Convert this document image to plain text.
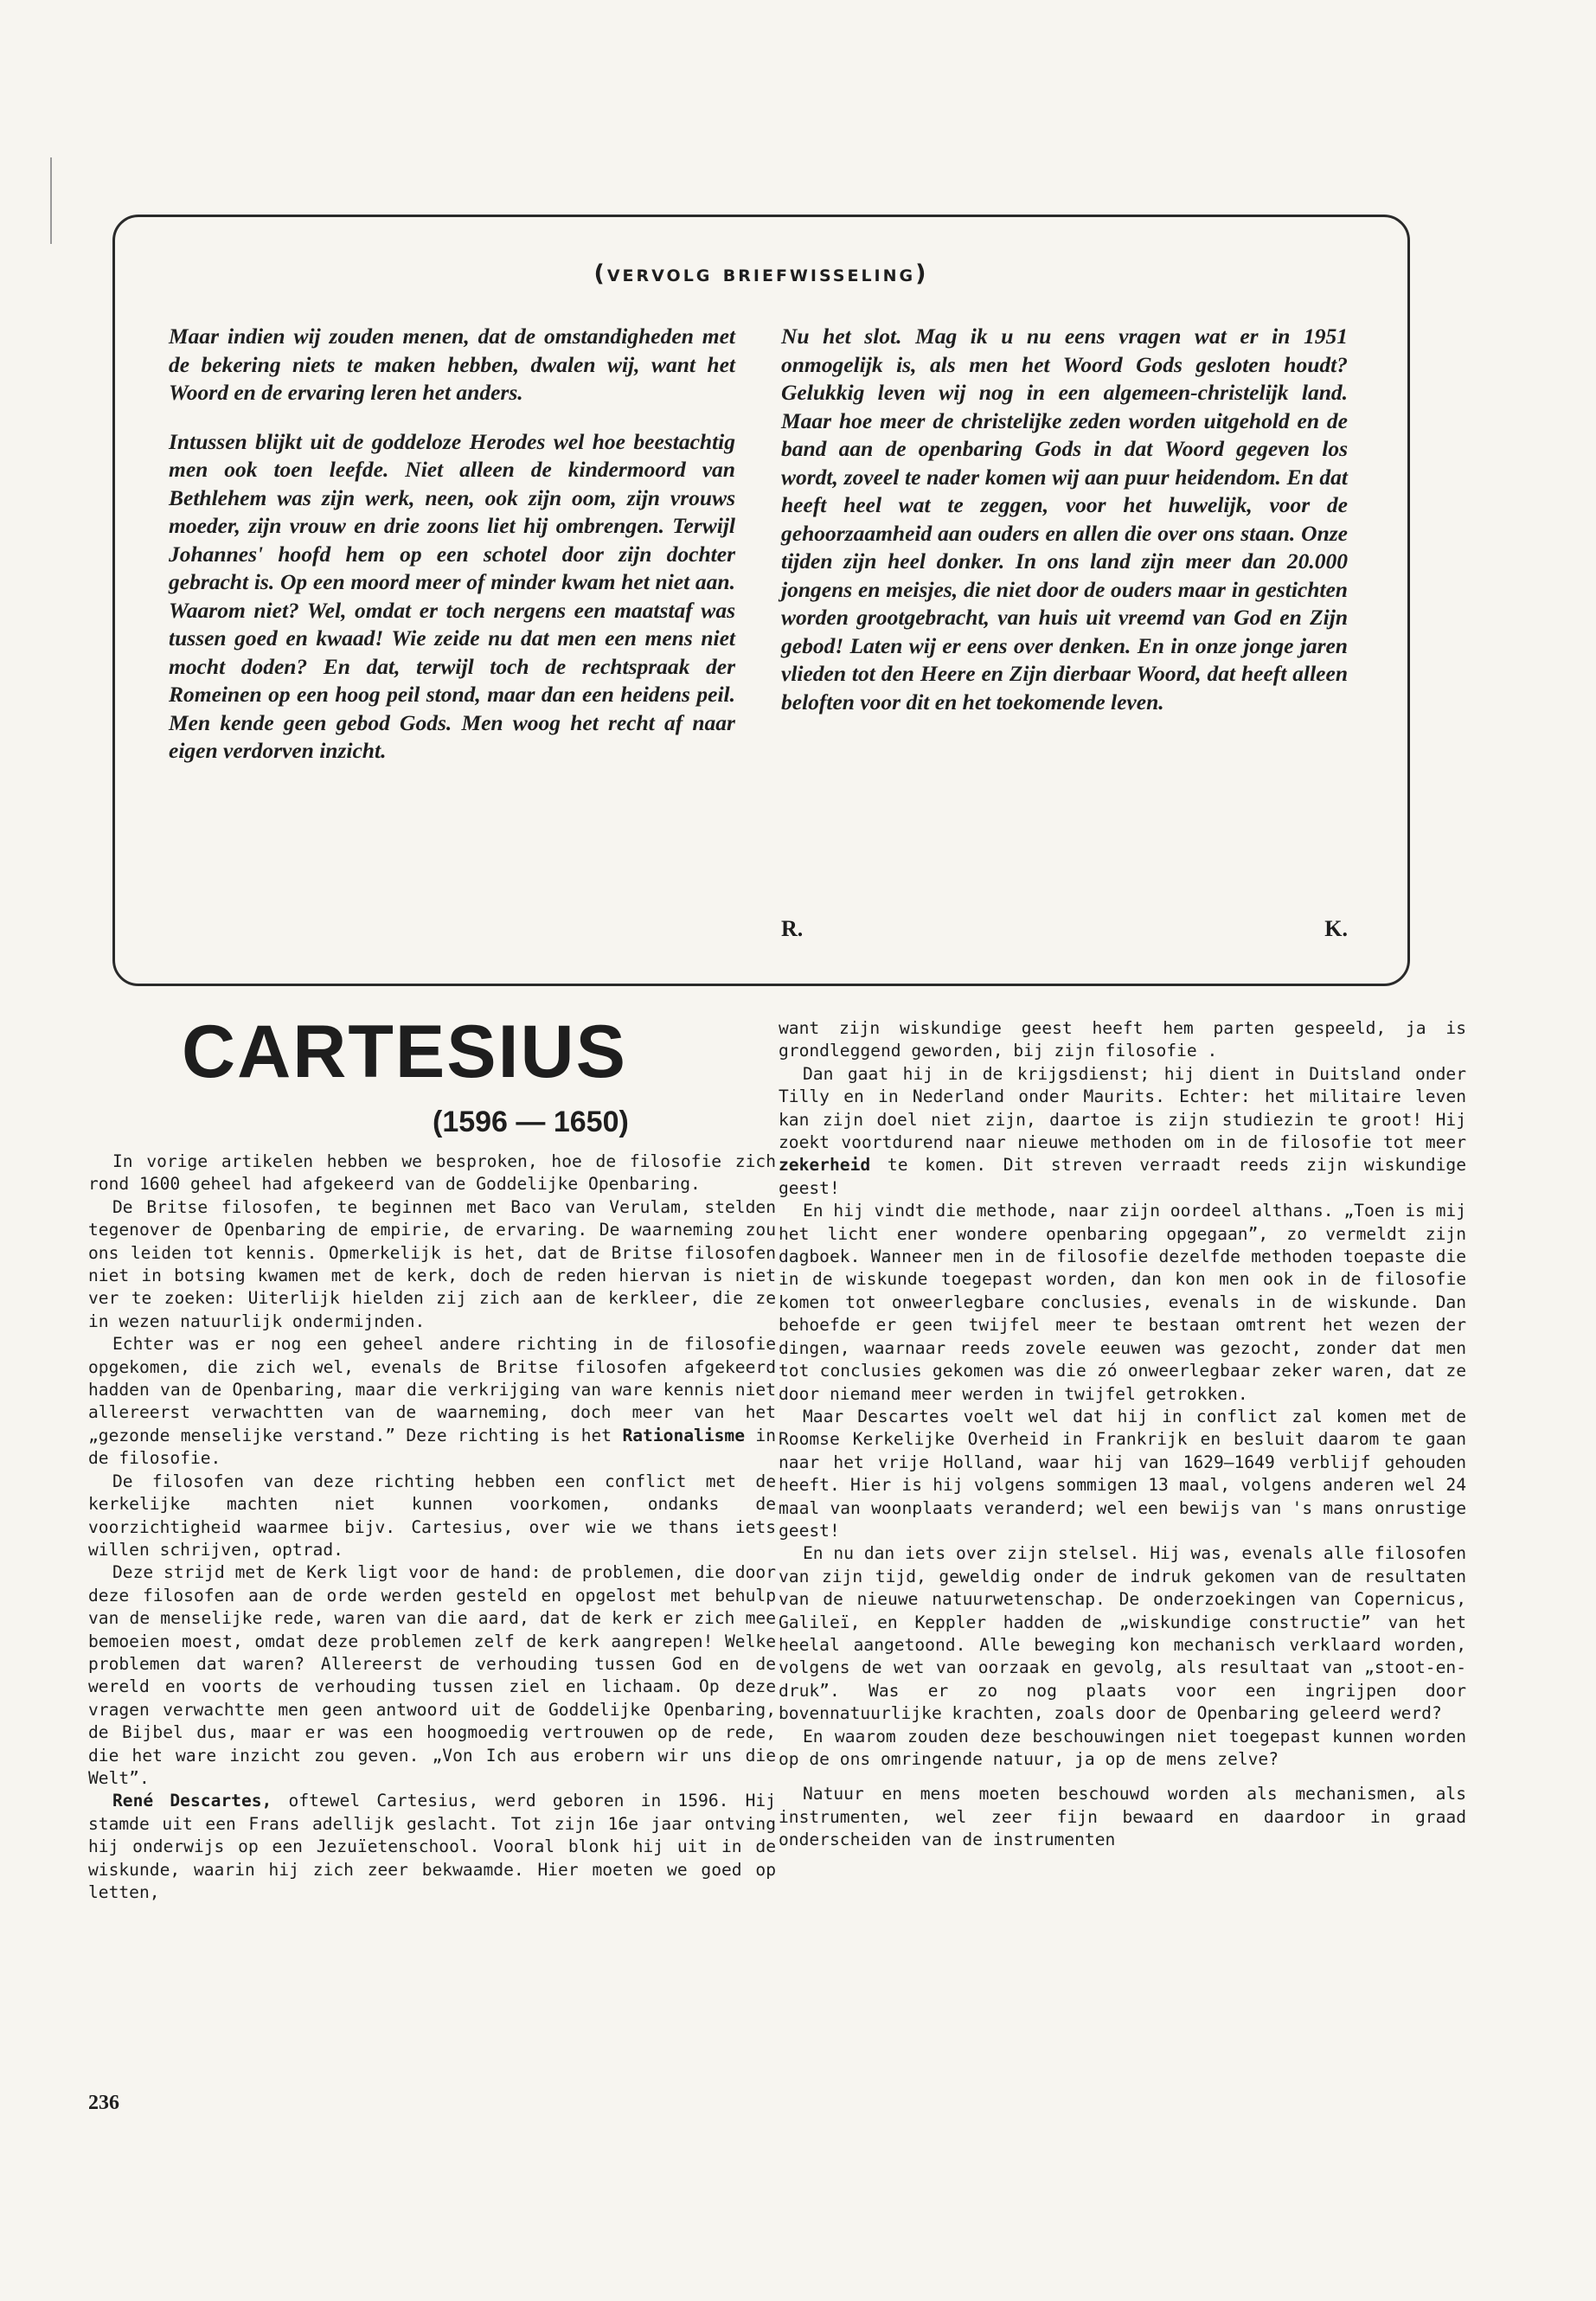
(vervolg briefwisseling)

Maar indien wij zouden menen, dat de omstandigheden met de bekering niets te maken hebben, dwalen wij, want het Woord en de ervaring leren het anders.

Intussen blijkt uit de goddeloze Herodes wel hoe beestachtig men ook toen leefde. Niet alleen de kindermoord van Bethlehem was zijn werk, neen, ook zijn oom, zijn vrouws moeder, zijn vrouw en drie zoons liet hij ombrengen. Terwijl Johannes' hoofd hem op een schotel door zijn dochter gebracht is. Op een moord meer of minder kwam het niet aan. Waarom niet? Wel, omdat er toch nergens een maatstaf was tussen goed en kwaad! Wie zeide nu dat men een mens niet mocht doden? En dat, terwijl toch de rechtspraak der Romeinen op een hoog peil stond, maar dan een heidens peil. Men kende geen gebod Gods. Men woog het recht af naar eigen verdorven inzicht.

Nu het slot. Mag ik u nu eens vragen wat er in 1951 onmogelijk is, als men het Woord Gods gesloten houdt? Gelukkig leven wij nog in een algemeen-christelijk land. Maar hoe meer de christelijke zeden worden uitgehold en de band aan de openbaring Gods in dat Woord gegeven los wordt, zoveel te nader komen wij aan puur heidendom. En dat heeft heel wat te zeggen, voor het huwelijk, voor de gehoorzaamheid aan ouders en allen die over ons staan. Onze tijden zijn heel donker. In ons land zijn meer dan 20.000 jongens en meisjes, die niet door de ouders maar in gestichten worden grootgebracht, van huis uit vreemd van God en Zijn gebod! Laten wij er eens over denken. En in onze jonge jaren vlieden tot den Heere en Zijn dierbaar Woord, dat heeft alleen beloften voor dit en het toekomende leven.

R.	K.
CARTESIUS
(1596 — 1650)

In vorige artikelen hebben we besproken, hoe de filosofie zich rond 1600 geheel had afgekeerd van de Goddelijke Openbaring.

De Britse filosofen, te beginnen met Baco van Verulam, stelden tegenover de Openbaring de empirie, de ervaring. De waarneming zou ons leiden tot kennis. Opmerkelijk is het, dat de Britse filosofen niet in botsing kwamen met de kerk, doch de reden hiervan is niet ver te zoeken: Uiterlijk hielden zij zich aan de kerkleer, die ze in wezen natuurlijk ondermijnden.

Echter was er nog een geheel andere richting in de filosofie opgekomen, die zich wel, evenals de Britse filosofen afgekeerd hadden van de Openbaring, maar die verkrijging van ware kennis niet allereerst verwachtten van de waarneming, doch meer van het „gezonde menselijke verstand.” Deze richting is het Rationalisme in de filosofie.

De filosofen van deze richting hebben een conflict met de kerkelijke machten niet kunnen voorkomen, ondanks de voorzichtigheid waarmee bijv. Cartesius, over wie we thans iets willen schrijven, optrad.

Deze strijd met de Kerk ligt voor de hand: de problemen, die door deze filosofen aan de orde werden gesteld en opgelost met behulp van de menselijke rede, waren van die aard, dat de kerk er zich mee bemoeien moest, omdat deze problemen zelf de kerk aangrepen! Welke problemen dat waren? Allereerst de verhouding tussen God en de wereld en voorts de verhouding tussen ziel en lichaam. Op deze vragen verwachtte men geen antwoord uit de Goddelijke Openbaring, de Bijbel dus, maar er was een hoogmoedig vertrouwen op de rede, die het ware inzicht zou geven. „Von Ich aus erobern wir uns die Welt”.

René Descartes, oftewel Cartesius, werd geboren in 1596. Hij stamde uit een Frans adellijk geslacht. Tot zijn 16e jaar ontving hij onderwijs op een Jezuïetenschool. Vooral blonk hij uit in de wiskunde, waarin hij zich zeer bekwaamde. Hier moeten we goed op letten,

want zijn wiskundige geest heeft hem parten gespeeld, ja is grondleggend geworden, bij zijn filosofie .

Dan gaat hij in de krijgsdienst; hij dient in Duitsland onder Tilly en in Nederland onder Maurits. Echter: het militaire leven kan zijn doel niet zijn, daartoe is zijn studiezin te groot! Hij zoekt voortdurend naar nieuwe methoden om in de filosofie tot meer zekerheid te komen. Dit streven verraadt reeds zijn wiskundige geest!

En hij vindt die methode, naar zijn oordeel althans. „Toen is mij het licht ener wondere openbaring opgegaan”, zo vermeldt zijn dagboek. Wanneer men in de filosofie dezelfde methoden toepaste die in de wiskunde toegepast worden, dan kon men ook in de filosofie komen tot onweerlegbare conclusies, evenals in de wiskunde. Dan behoefde er geen twijfel meer te bestaan omtrent het wezen der dingen, waarnaar reeds zovele eeuwen was gezocht, zonder dat men tot conclusies gekomen was die zó onweerlegbaar zeker waren, dat ze door niemand meer werden in twijfel getrokken.

Maar Descartes voelt wel dat hij in conflict zal komen met de Roomse Kerkelijke Overheid in Frankrijk en besluit daarom te gaan naar het vrije Holland, waar hij van 1629—1649 verblijf gehouden heeft. Hier is hij volgens sommigen 13 maal, volgens anderen wel 24 maal van woonplaats veranderd; wel een bewijs van 's mans onrustige geest!

En nu dan iets over zijn stelsel. Hij was, evenals alle filosofen van zijn tijd, geweldig onder de indruk gekomen van de resultaten van de nieuwe natuurwetenschap. De onderzoekingen van Copernicus, Galileï, en Keppler hadden de „wiskundige constructie” van het heelal aangetoond. Alle beweging kon mechanisch verklaard worden, volgens de wet van oorzaak en gevolg, als resultaat van „stoot-en-druk”. Was er zo nog plaats voor een ingrijpen door bovennatuurlijke krachten, zoals door de Openbaring geleerd werd?

En waarom zouden deze beschouwingen niet toegepast kunnen worden op de ons omringende natuur, ja op de mens zelve?

Natuur en mens moeten beschouwd worden als mechanismen, als instrumenten, wel zeer fijn bewaard en daardoor in graad onderscheiden van de instrumenten

236
